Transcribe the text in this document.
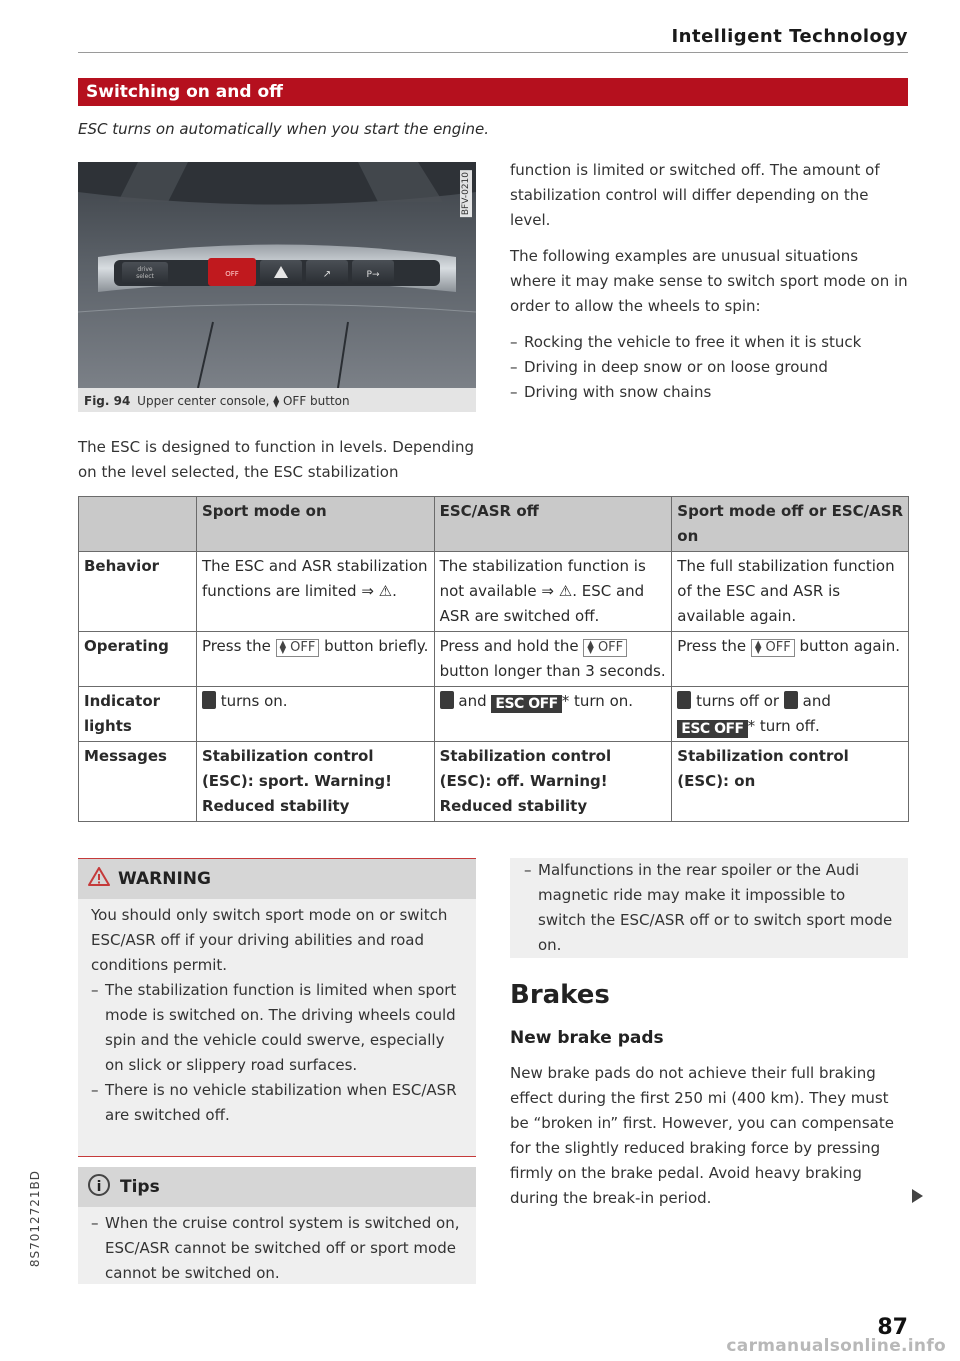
Intelligent Technology
Switching on and off
ESC turns on automatically when you start the engine.
drive
select	OFF	↗	P→
BFV-0210
Fig. 94 Upper center console, ⧫ OFF button

The ESC is designed to function in levels. Depending on the level selected, the ESC stabilization

function is limited or switched off. The amount of stabilization control will differ depending on the level.

The following examples are unusual situations where it may make sense to switch sport mode on in order to allow the wheels to spin:

– Rocking the vehicle to free it when it is stuck
– Driving in deep snow or on loose ground
– Driving with snow chains
	Sport mode on	ESC/ASR off	Sport mode off or ESC/ASR on
Behavior	The ESC and ASR stabilization functions are limited ⇒ ⚠.	The stabilization function is not available ⇒ ⚠. ESC and ASR are switched off.	The full stabilization function of the ESC and ASR is available again.
Operating	Press the ⧫ OFF button briefly.	Press and hold the ⧫ OFF button longer than 3 seconds.	Press the ⧫ OFF button again.
Indicator lights	turns on.	and ESC OFF * turn on.	turns off or and ESC OFF * turn off.
Messages	Stabilization control (ESC): sport. Warning! Reduced stability	Stabilization control (ESC): off. Warning! Reduced stability	Stabilization control (ESC): on
WARNING

You should only switch sport mode on or switch ESC/ASR off if your driving abilities and road conditions permit.

– The stabilization function is limited when sport mode is switched on. The driving wheels could spin and the vehicle could swerve, especially on slick or slippery road surfaces.
– There is no vehicle stabilization when ESC/ASR are switched off.
i Tips
– When the cruise control system is switched on, ESC/ASR cannot be switched off or sport mode cannot be switched on.
– Malfunctions in the rear spoiler or the Audi magnetic ride may make it impossible to switch the ESC/ASR off or to switch sport mode on.
Brakes
New brake pads
New brake pads do not achieve their full braking effect during the first 250 mi (400 km). They must be “broken in” first. However, you can compensate for the slightly reduced braking force by pressing firmly on the brake pedal. Avoid heavy braking during the break-in period.
8S7012721BD
87
carmanualsonline.info
